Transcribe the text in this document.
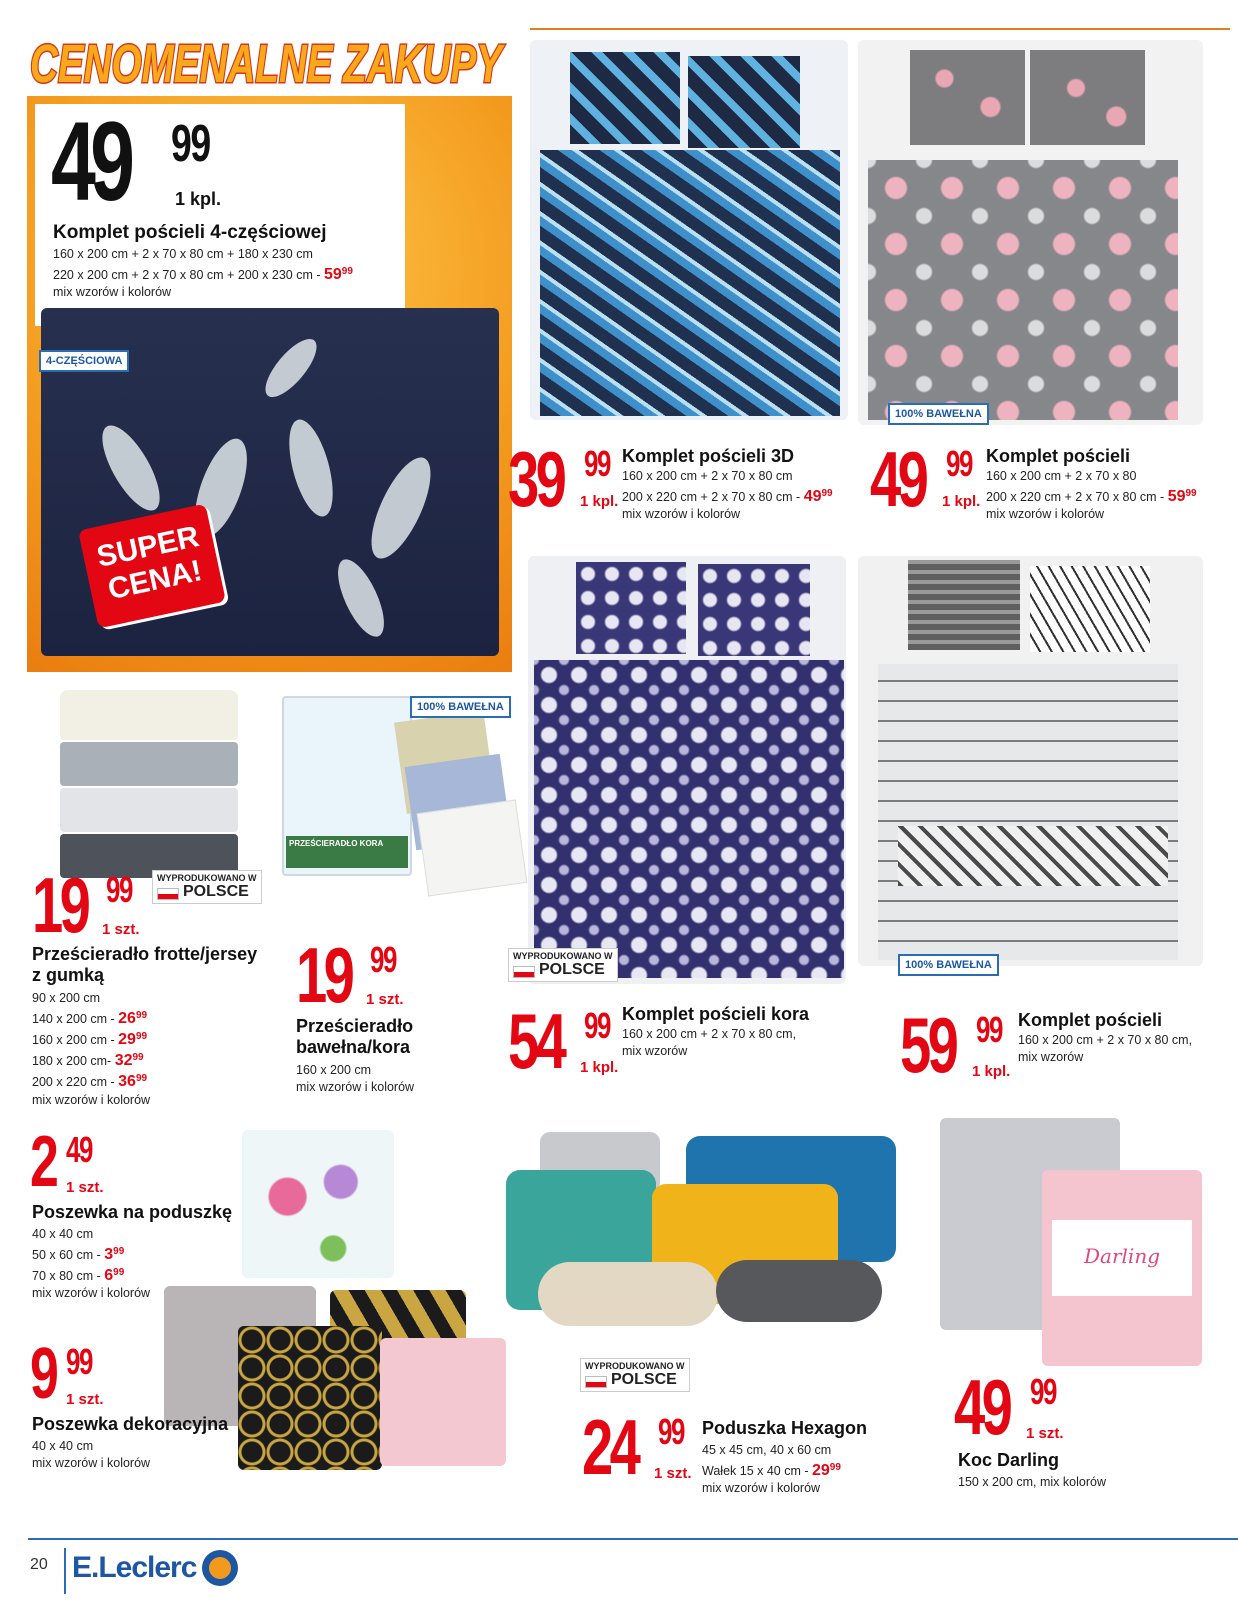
CENOMENALNE ZAKUPY
49 99
1 kpl.
Komplet pościeli 4-częściowej
160 x 200 cm + 2 x 70 x 80 cm + 180 x 230 cm
220 x 200 cm + 2 x 70 x 80 cm + 200 x 230 cm - $59^{99}$
mix wzorów i kolorów
4-CZĘŚCIOWA
SUPER CENA!
39 99
1 kpl.
Komplet pościeli 3D
160 x 200 cm + 2 x 70 x 80 cm
200 x 220 cm + 2 x 70 x 80 cm - $49^{99}$
mix wzorów i kolorów
100% BAWEŁNA
49 99
1 kpl.
Komplet pościeli
160 x 200 cm + 2 x 70 x 80
200 x 220 cm + 2 x 70 x 80 cm - $59^{99}$
mix wzorów i kolorów
19 99
1 szt.
WYPRODUKOWANO W
POLSCE
Prześcieradło frotte/jersey
z gumką
90 x 200 cm
140 x 200 cm - $26^{99}$
160 x 200 cm - $29^{99}$
180 x 200 cm- $32^{99}$
200 x 220 cm - $36^{99}$
mix wzorów i kolorów
PRZEŚCIERADŁO KORA
100% BAWEŁNA
19 99
1 szt.
Prześcieradło
bawełna/kora
160 x 200 cm
mix wzorów i kolorów
WYPRODUKOWANO W
POLSCE
54 99
1 kpl.
Komplet pościeli kora
160 x 200 cm + 2 x 70 x 80 cm,
mix wzorów
100% BAWEŁNA
59 99
1 kpl.
Komplet pościeli
160 x 200 cm + 2 x 70 x 80 cm,
mix wzorów
2 49
1 szt.
Poszewka na poduszkę
40 x 40 cm
50 x 60 cm - $3^{99}$
70 x 80 cm - $6^{99}$
mix wzorów i kolorów
9 99
1 szt.
Poszewka dekoracyjna
40 x 40 cm
mix wzorów i kolorów
WYPRODUKOWANO W
POLSCE
24 99
1 szt.
Poduszka Hexagon
45 x 45 cm, 40 x 60 cm
Wałek 15 x 40 cm - $29^{99}$
mix wzorów i kolorów
Darling
49 99
1 szt.
Koc Darling
150 x 200 cm, mix kolorów
20 E.Leclerc
